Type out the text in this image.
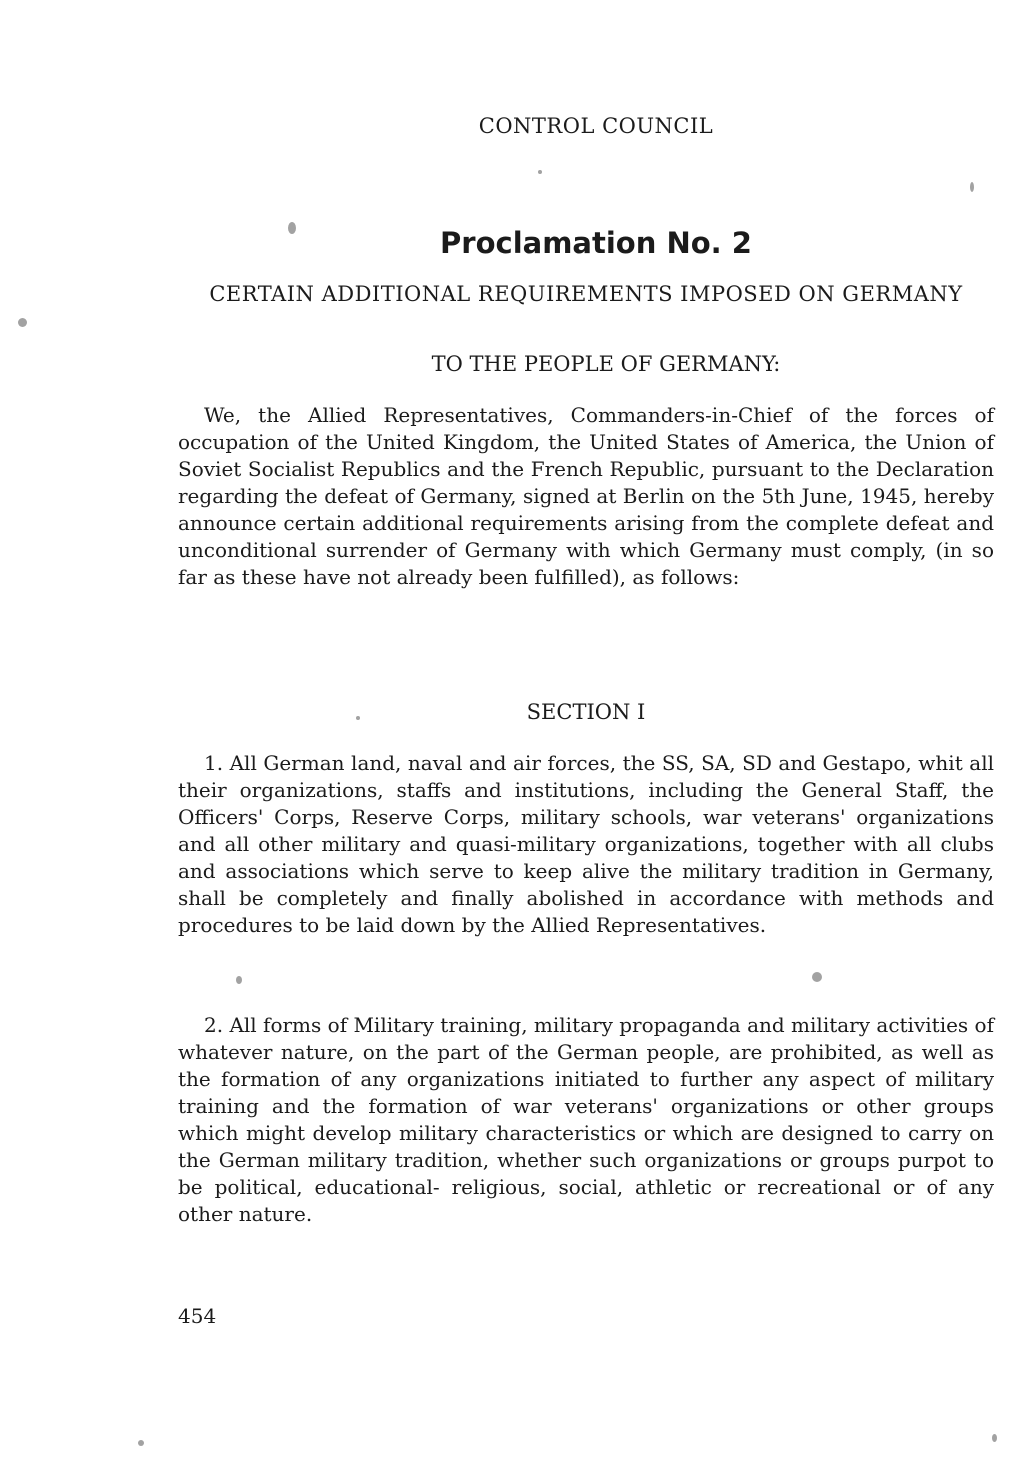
CONTROL COUNCIL
Proclamation No. 2
CERTAIN ADDITIONAL REQUIREMENTS IMPOSED ON GERMANY
TO THE PEOPLE OF GERMANY:

We, the Allied Representatives, Commanders-in-Chief of the forces of occupation of the United Kingdom, the United States of America, the Union of Soviet Socialist Republics and the French Republic, pursuant to the Declaration regarding the defeat of Germany, signed at Berlin on the 5th June, 1945, hereby announce certain additional requirements arising from the complete defeat and unconditional surrender of Germany with which Germany must comply, (in so far as these have not already been fulfilled), as follows:

SECTION I

1. All German land, naval and air forces, the SS, SA, SD and Gestapo, whit all their organizations, staffs and institutions, including the General Staff, the Officers' Corps, Reserve Corps, military schools, war veterans' organizations and all other military and quasi-military organizations, together with all clubs and associations which serve to keep alive the military tradition in Germany, shall be completely and finally abolished in accordance with methods and procedures to be laid down by the Allied Representatives.

2. All forms of Military training, military propaganda and military activities of whatever nature, on the part of the German people, are prohibited, as well as the formation of any organizations initiated to further any aspect of military training and the formation of war veterans' organizations or other groups which might develop military characteristics or which are designed to carry on the German military tradition, whether such organizations or groups purpot to be political, educational- religious, social, athletic or recreational or of any other nature.

454
